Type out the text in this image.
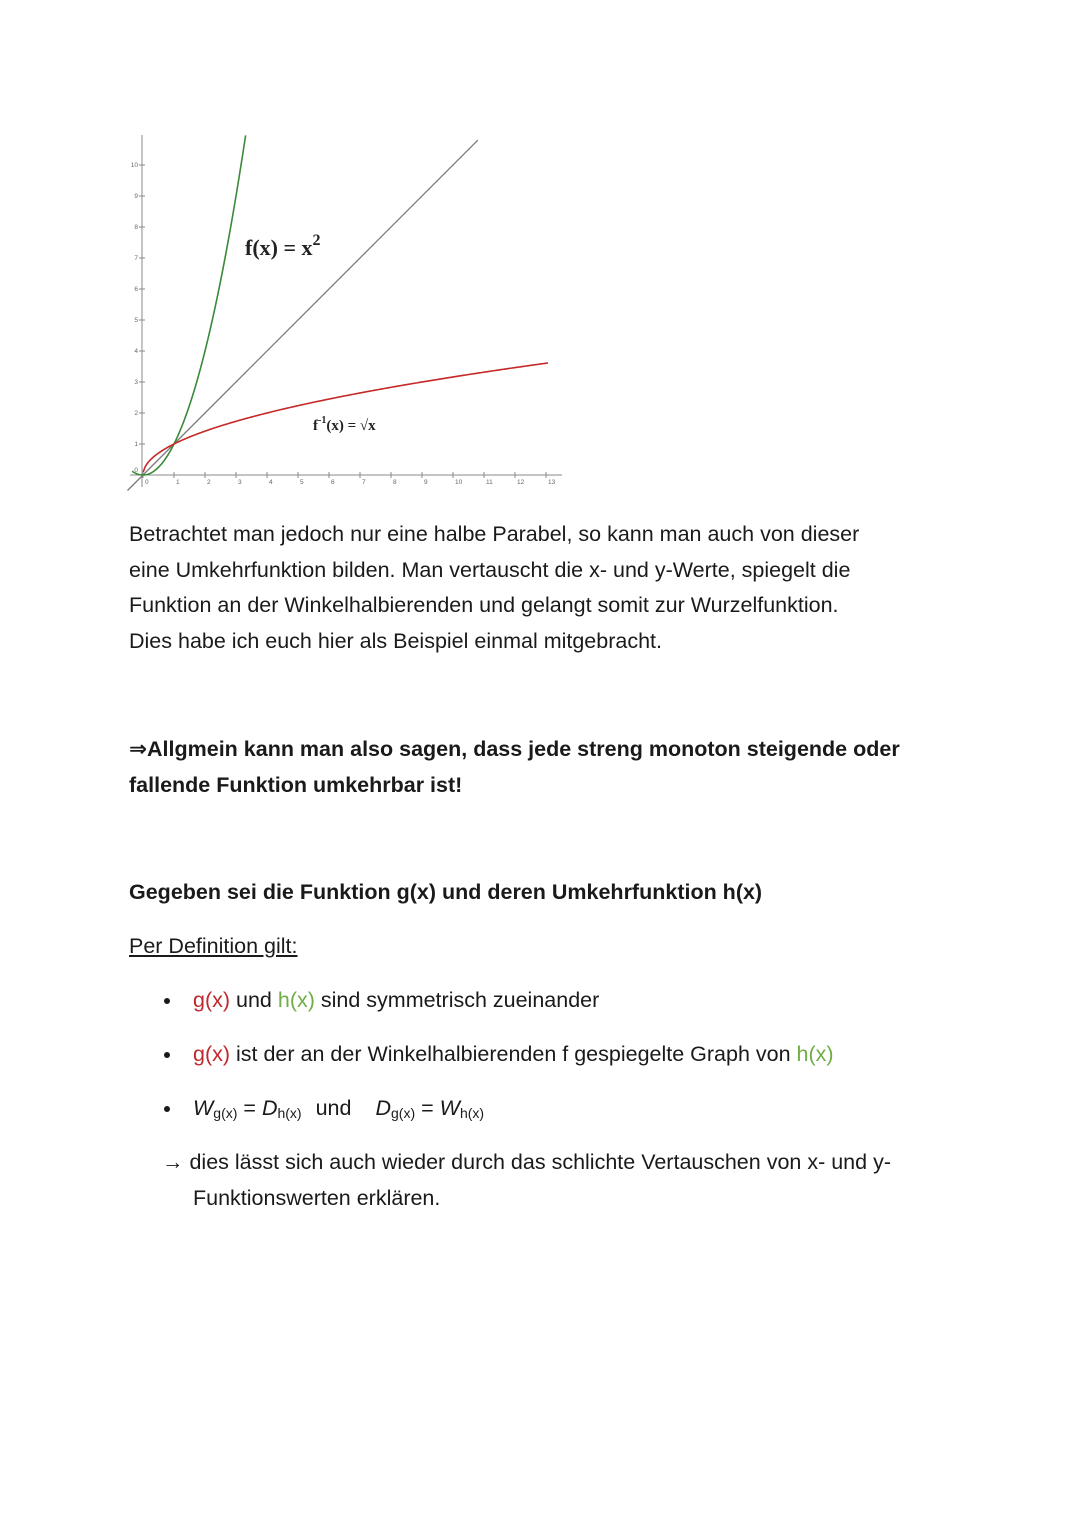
0	1	2	3	4	5	6	7	8	9	10	11	12	13
1
2
3
4
5
6
7
8
9
10
0
$f(x) = x^2$
$f^{-1}(x) = √x$
Betrachtet man jedoch nur eine halbe Parabel, so kann man auch von dieser
eine Umkehrfunktion bilden. Man vertauscht die x- und y-Werte, spiegelt die
Funktion an der Winkelhalbierenden und gelangt somit zur Wurzelfunktion.
Dies habe ich euch hier als Beispiel einmal mitgebracht.
⇒Allgmein kann man also sagen, dass jede streng monoton steigende oder
fallende Funktion umkehrbar ist!
Gegeben sei die Funktion g(x) und deren Umkehrfunktion h(x)
Per Definition gilt:
g(x) und h(x) sind symmetrisch zueinander
g(x) ist der an der Winkelhalbierenden f gespiegelte Graph von h(x)
Wg(x) = Dh(x) und Dg(x) = Wh(x)
→ dies lässt sich auch wieder durch das schlichte Vertauschen von x- und y-
Funktionswerten erklären.
